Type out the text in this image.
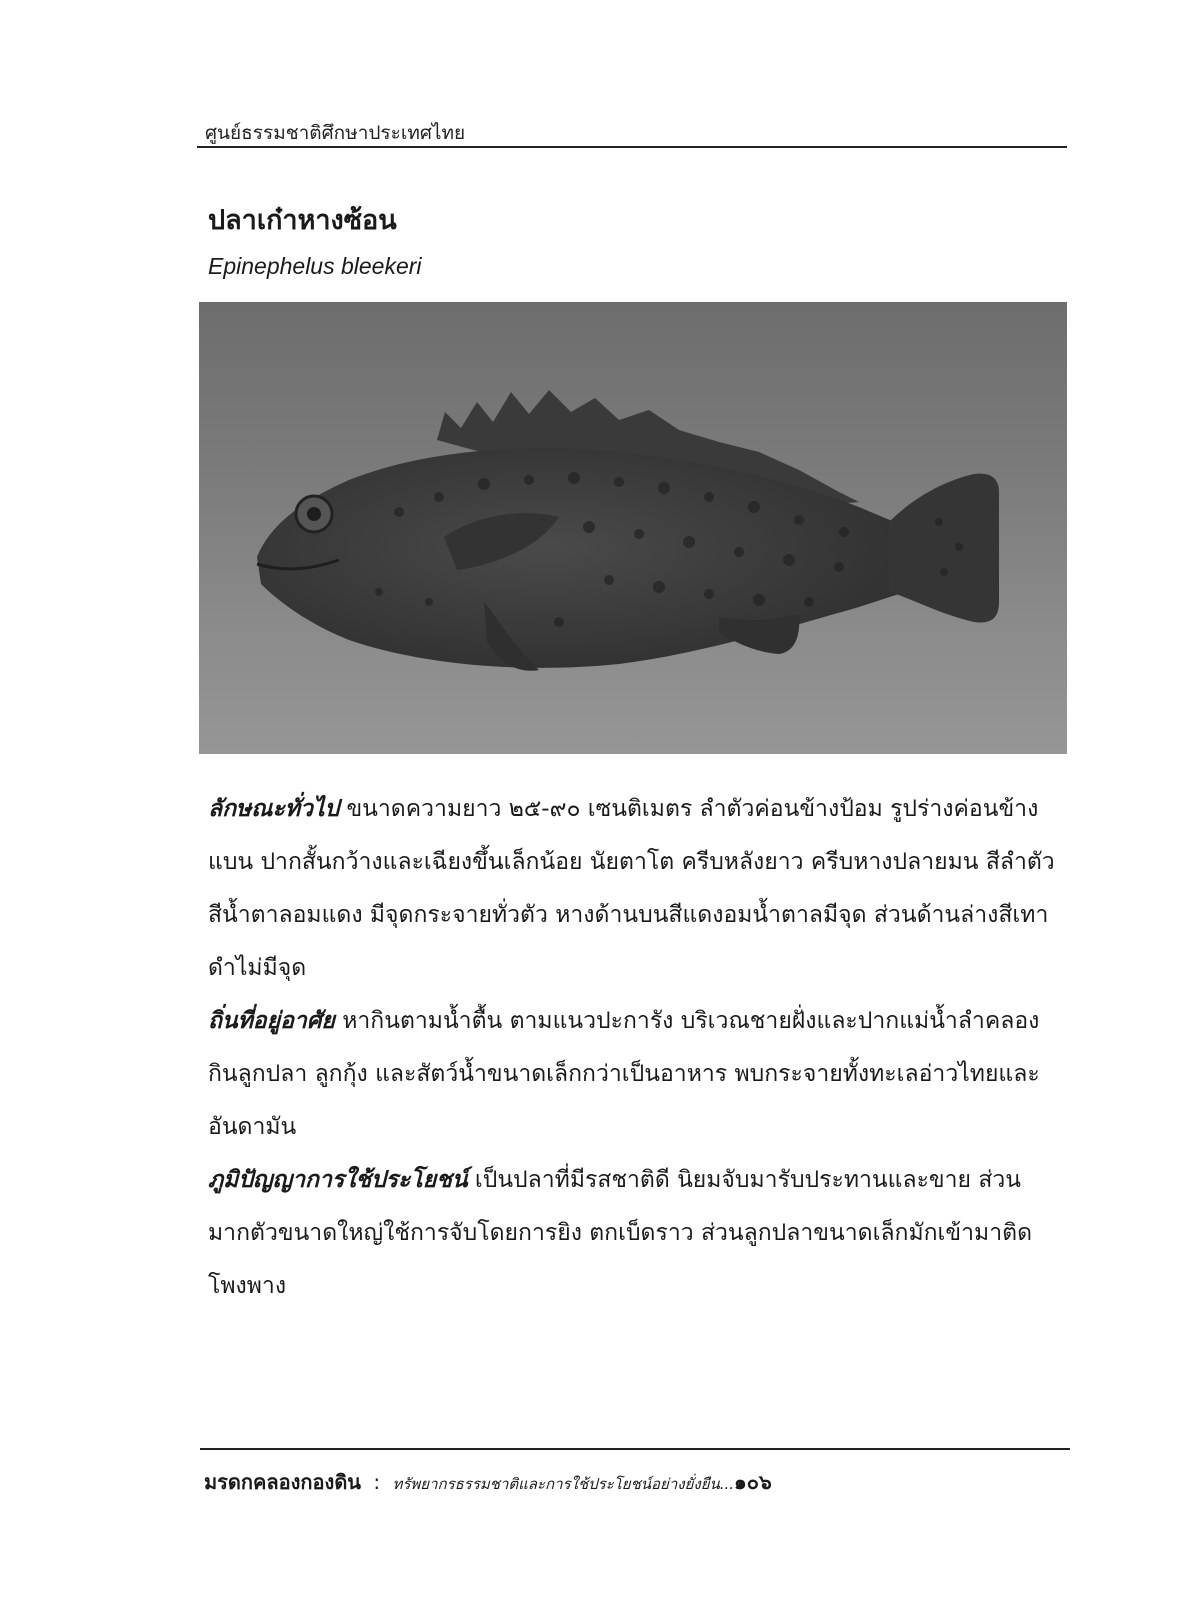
ศูนย์ธรรมชาติศึกษาประเทศไทย
ปลาเก๋าหางซ้อน

Epinephelus bleekeri

ลักษณะทั่วไป ขนาดความยาว ๒๕-๙๐ เซนติเมตร ลำตัวค่อนข้างป้อม รูปร่างค่อนข้างแบน ปากสั้นกว้างและเฉียงขึ้นเล็กน้อย นัยตาโต ครีบหลังยาว ครีบหางปลายมน สีลำตัวสีน้ำตาลอมแดง มีจุดกระจายทั่วตัว หางด้านบนสีแดงอมน้ำตาลมีจุด ส่วนด้านล่างสีเทาดำไม่มีจุด

ถิ่นที่อยู่อาศัย หากินตามน้ำตื้น ตามแนวปะการัง บริเวณชายฝั่งและปากแม่น้ำลำคลอง กินลูกปลา ลูกกุ้ง และสัตว์น้ำขนาดเล็กกว่าเป็นอาหาร พบกระจายทั้งทะเลอ่าวไทยและอันดามัน

ภูมิปัญญาการใช้ประโยชน์ เป็นปลาที่มีรสชาติดี นิยมจับมารับประทานและขาย ส่วนมากตัวขนาดใหญ่ใช้การจับโดยการยิง ตกเบ็ดราว ส่วนลูกปลาขนาดเล็กมักเข้ามาติดโพงพาง

มรดกคลองกองดิน : ทรัพยากรธรรมชาติและการใช้ประโยชน์อย่างยั่งยืน...๑๐๖
